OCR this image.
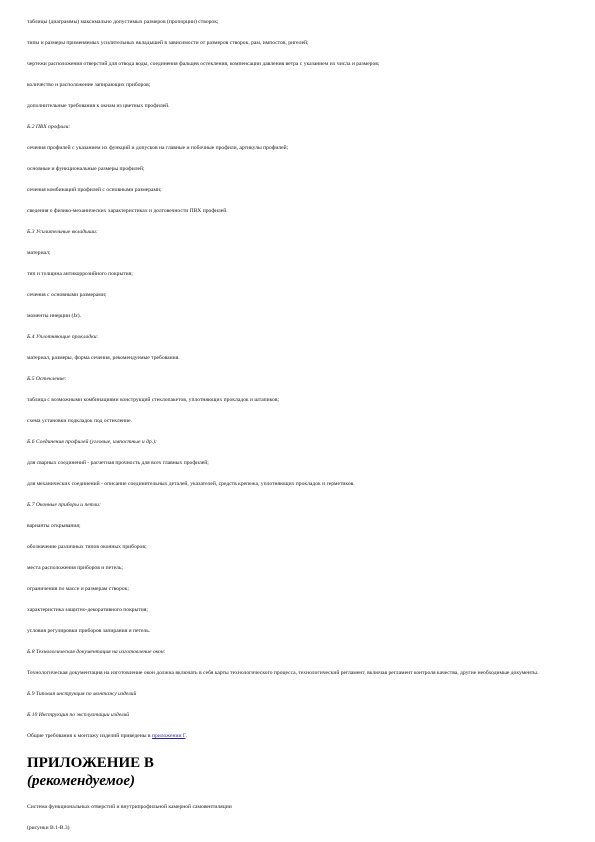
таблицы (диаграммы) максимально допустимых размеров (пропорции) створок;

типы и размеры применяемых усилительных вкладышей в зависимости от размеров створок, рам, импостов, ригелей;

чертежи расположения отверстий для отвода воды, соединения фальцев остекления, компенсации давления ветра с указанием их числа и размеров;

количество и расположение запирающих приборов;

дополнительные требования к окнам из цветных профилей.

Б.2 ПВХ профили:

сечения профилей с указанием их функций и допусков на главные и побочные профили, артикулы профилей;

основные и функциональные размеры профилей;

сечения комбинаций профилей с основными размерами;

сведения о физико-механических характеристиках и долговечности ПВХ профилей.

Б.3 Усилительные вкладыши:

материал;

тип и толщина антикоррозийного покрытия;

сечения с основными размерами;

моменты инерции (Ix).

Б.4 Уплотняющие прокладки:

материал, размеры, форма сечения, рекомендуемые требования.

Б.5 Остекление:

таблица с возможными комбинациями конструкций стеклопакетов, уплотняющих прокладок и штапиков;

схема установки подкладок под остекление.

Б.6 Соединения профилей (угловые, импостные и др.):

для сварных соединений - расчетная прочность для всех главных профилей;

для механических соединений - описание соединительных деталей, указателей, средств крепежа, уплотняющих прокладок и герметиков.

Б.7 Оконные приборы и петли:

варианты открывания;

обозначение различных типов оконных приборов;

места расположения приборов и петель;

ограничения по массе и размерам створок;

характеристика защитно-декоративного покрытия;

условия регулировки приборов запирания и петель.

Б.8 Технологическая документация на изготовление окон:

Технологическая документация на изготовление окон должна включать в себя карты технологического процесса, технологический регламент, включая регламент контроля качества, другие необходимые документы.

Б.9 Типовая инструкция по монтажу изделий

Б.10 Инструкция по эксплуатации изделий

Общие требования к монтажу изделий приведены в приложении Г.

ПРИЛОЖЕНИЕ В
(рекомендуемое)

Система функциональных отверстий и внутрипрофильной камерной самовентиляции

(рисунки В.1-В.3)
